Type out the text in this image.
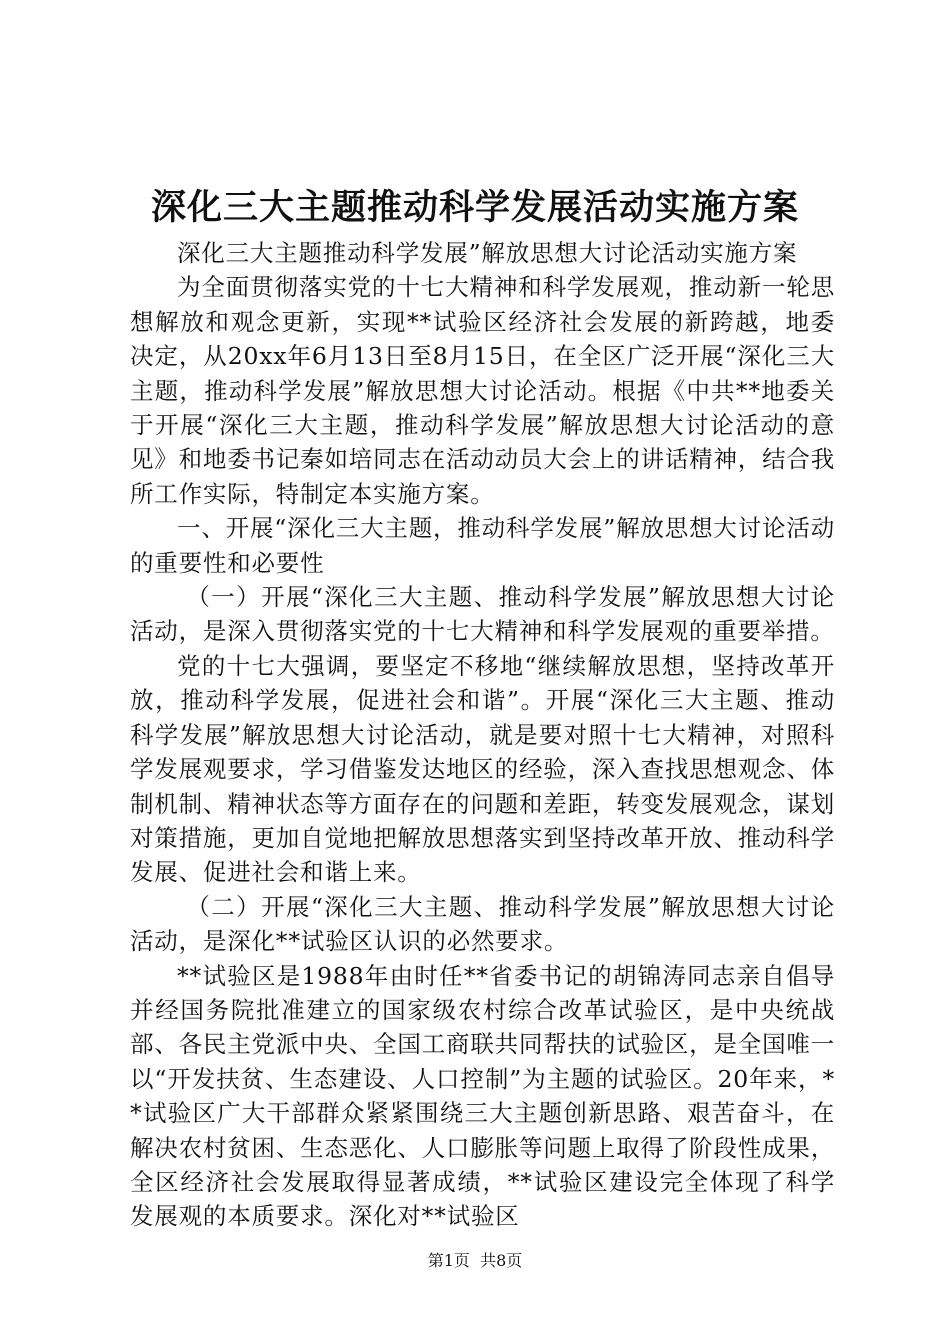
深化三大主题推动科学发展活动实施方案

深化三大主题推动科学发展”解放思想大讨论活动实施方案

为全面贯彻落实党的十七大精神和科学发展观，推动新一轮思想解放和观念更新，实现**试验区经济社会发展的新跨越，地委决定，从20xx年6月13日至8月15日，在全区广泛开展“深化三大主题，推动科学发展”解放思想大讨论活动。根据《中共**地委关于开展“深化三大主题，推动科学发展”解放思想大讨论活动的意见》和地委书记秦如培同志在活动动员大会上的讲话精神，结合我所工作实际，特制定本实施方案。

一、开展“深化三大主题，推动科学发展”解放思想大讨论活动的重要性和必要性

（一）开展“深化三大主题、推动科学发展”解放思想大讨论活动，是深入贯彻落实党的十七大精神和科学发展观的重要举措。

党的十七大强调，要坚定不移地“继续解放思想，坚持改革开放，推动科学发展，促进社会和谐”。开展“深化三大主题、推动科学发展”解放思想大讨论活动，就是要对照十七大精神，对照科学发展观要求，学习借鉴发达地区的经验，深入查找思想观念、体制机制、精神状态等方面存在的问题和差距，转变发展观念，谋划对策措施，更加自觉地把解放思想落实到坚持改革开放、推动科学发展、促进社会和谐上来。

（二）开展“深化三大主题、推动科学发展”解放思想大讨论活动，是深化**试验区认识的必然要求。

**试验区是1988年由时任**省委书记的胡锦涛同志亲自倡导并经国务院批准建立的国家级农村综合改革试验区，是中央统战部、各民主党派中央、全国工商联共同帮扶的试验区，是全国唯一以“开发扶贫、生态建设、人口控制”为主题的试验区。20年来，**试验区广大干部群众紧紧围绕三大主题创新思路、艰苦奋斗，在解决农村贫困、生态恶化、人口膨胀等问题上取得了阶段性成果，全区经济社会发展取得显著成绩，**试验区建设完全体现了科学发展观的本质要求。深化对**试验区

第1页 共8页
